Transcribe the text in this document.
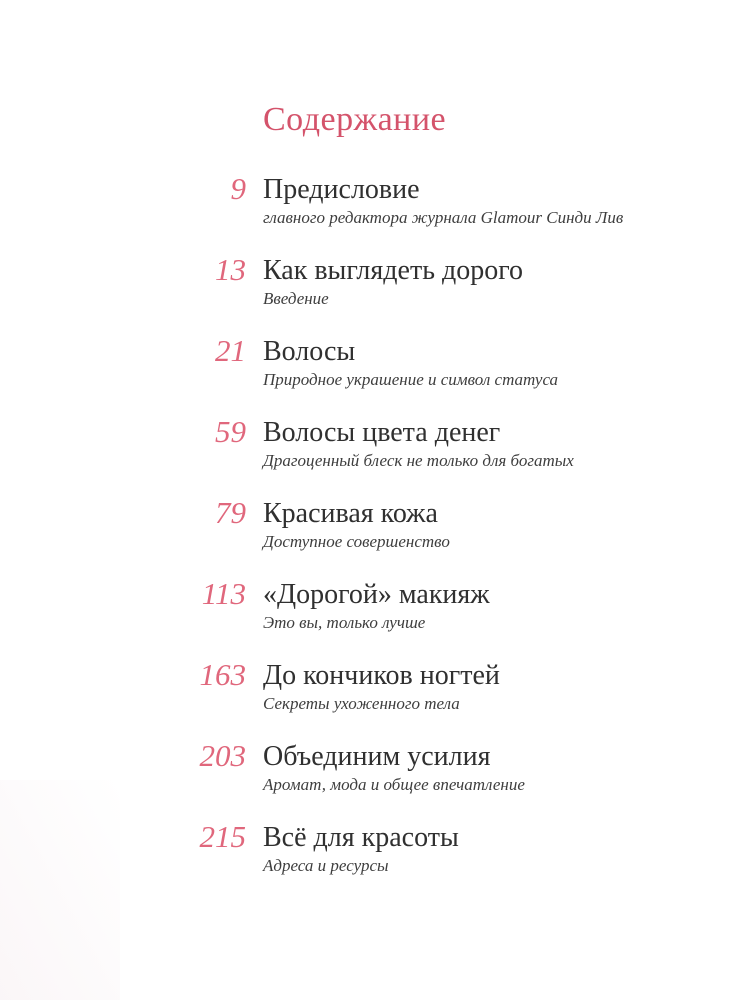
Содержание
9 Предисловие
главного редактора журнала Glamour Синди Лив
13 Как выглядеть дорого
Введение
21 Волосы
Природное украшение и символ статуса
59 Волосы цвета денег
Драгоценный блеск не только для богатых
79 Красивая кожа
Доступное совершенство
113 «Дорогой» макияж
Это вы, только лучше
163 До кончиков ногтей
Секреты ухоженного тела
203 Объединим усилия
Аромат, мода и общее впечатление
215 Всё для красоты
Адреса и ресурсы
